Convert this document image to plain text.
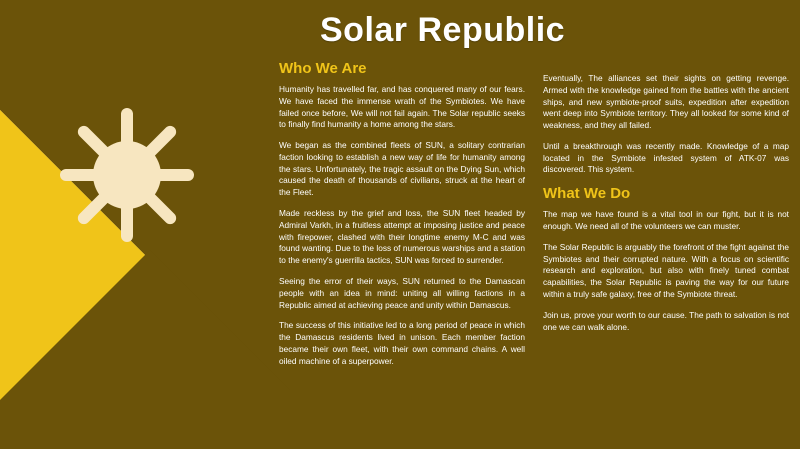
Solar Republic
Who We Are

Humanity has travelled far, and has conquered many of our fears. We have faced the immense wrath of the Symbiotes. We have failed once before, We will not fail again. The Solar republic seeks to finally find humanity a home among the stars.

We began as the combined fleets of SUN, a solitary contrarian faction looking to establish a new way of life for humanity among the stars. Unfortunately, the tragic assault on the Dying Sun, which caused the death of thousands of civilians, struck at the heart of the Fleet.

Made reckless by the grief and loss, the SUN fleet headed by Admiral Varkh, in a fruitless attempt at imposing justice and peace with firepower, clashed with their longtime enemy M-C and was found wanting. Due to the loss of numerous warships and a station to the enemy's guerrilla tactics, SUN was forced to surrender.

Seeing the error of their ways, SUN returned to the Damascan people with an idea in mind: uniting all willing factions in a Republic aimed at achieving peace and unity within Damascus.

The success of this initiative led to a long period of peace in which the Damascus residents lived in unison. Each member faction became their own fleet, with their own command chains. A well oiled machine of a superpower.

Eventually, The alliances set their sights on getting revenge. Armed with the knowledge gained from the battles with the ancient ships, and new symbiote-proof suits, expedition after expedition went deep into Symbiote territory. They all looked for some kind of weakness, and they all failed.

Until a breakthrough was recently made. Knowledge of a map located in the Symbiote infested system of ATK-07 was discovered. This system.

What We Do

The map we have found is a vital tool in our fight, but it is not enough. We need all of the volunteers we can muster.

The Solar Republic is arguably the forefront of the fight against the Symbiotes and their corrupted nature. With a focus on scientific research and exploration, but also with finely tuned combat capabilities, the Solar Republic is paving the way for our future within a truly safe galaxy, free of the Symbiote threat.

Join us, prove your worth to our cause. The path to salvation is not one we can walk alone.
